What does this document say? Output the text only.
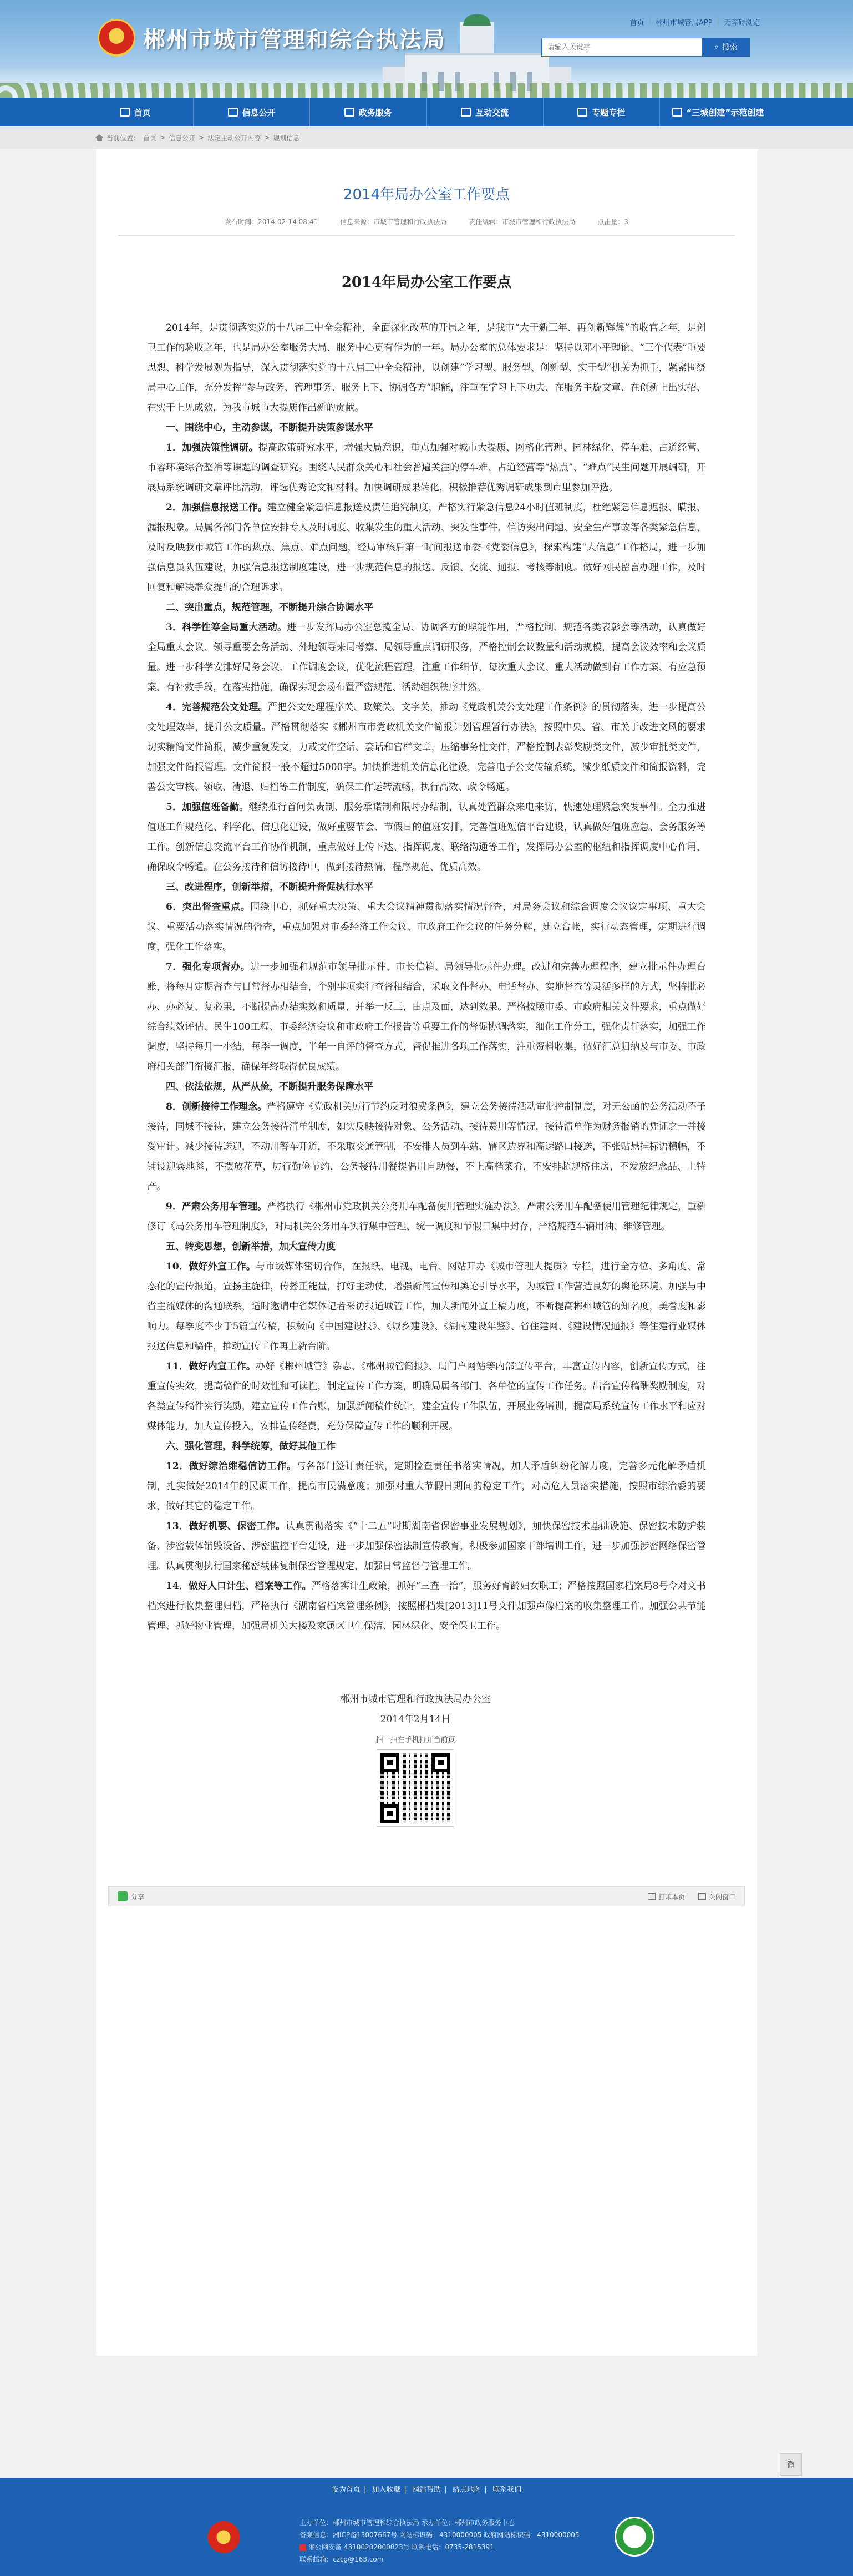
郴州市城市管理和综合执法局
首页 | 郴州市城管局APP | 无障碍浏览
请输入关键字
⌕ 搜索
首页	信息公开	政务服务	互动交流	专题专栏	“三城创建”示范创建
当前位置： 首页 > 信息公开 > 法定主动公开内容 > 规划信息
2014年局办公室工作要点
发布时间：2014-02-14 08:41	信息来源：市城市管理和行政执法局	责任编辑：市城市管理和行政执法局	点击量：3
2014年局办公室工作要点

2014年，是贯彻落实党的十八届三中全会精神，全面深化改革的开局之年，是我市“大干新三年、再创新辉煌”的收官之年，是创卫工作的验收之年，也是局办公室服务大局、服务中心更有作为的一年。局办公室的总体要求是：坚持以邓小平理论、“三个代表”重要思想、科学发展观为指导，深入贯彻落实党的十八届三中全会精神，以创建“学习型、服务型、创新型、实干型”机关为抓手，紧紧围绕局中心工作，充分发挥“参与政务、管理事务、服务上下、协调各方”职能，注重在学习上下功夫、在服务主旋文章、在创新上出实招、在实干上见成效，为我市城市大提质作出新的贡献。

一、围绕中心，主动参谋，不断提升决策参谋水平

1．加强决策性调研。提高政策研究水平，增强大局意识，重点加强对城市大提质、网格化管理、园林绿化、停车难、占道经营、市容环境综合整治等课题的调查研究。围绕人民群众关心和社会普遍关注的停车难、占道经营等“热点”、“难点”民生问题开展调研，开展局系统调研文章评比活动，评选优秀论文和材料。加快调研成果转化，积极推荐优秀调研成果到市里参加评选。

2．加强信息报送工作。建立健全紧急信息报送及责任追究制度，严格实行紧急信息24小时值班制度，杜绝紧急信息迟报、瞒报、漏报现象。局属各部门各单位安排专人及时调度、收集发生的重大活动、突发性事件、信访突出问题、安全生产事故等各类紧急信息，及时反映我市城管工作的热点、焦点、难点问题，经局审核后第一时间报送市委《党委信息》，探索构建“大信息”工作格局，进一步加强信息员队伍建设，加强信息报送制度建设，进一步规范信息的报送、反馈、交流、通报、考核等制度。做好网民留言办理工作，及时回复和解决群众提出的合理诉求。

二、突出重点，规范管理，不断提升综合协调水平

3．科学性筹全局重大活动。进一步发挥局办公室总揽全局、协调各方的职能作用，严格控制、规范各类表彰会等活动，认真做好全局重大会议、领导重要会务活动、外地领导来局考察、局领导重点调研服务，严格控制会议数量和活动规模，提高会议效率和会议质量。进一步科学安排好局务会议、工作调度会议，优化流程管理，注重工作细节，每次重大会议、重大活动做到有工作方案、有应急预案、有补救手段，在落实措施，确保实现会场布置严密规范、活动组织秩序井然。

4．完善规范公文处理。严把公文处理程序关、政策关、文字关，推动《党政机关公文处理工作条例》的贯彻落实，进一步提高公文处理效率，提升公文质量。严格贯彻落实《郴州市市党政机关文件简报计划管理暂行办法》，按照中央、省、市关于改进文风的要求切实精简文件简报，减少重复发文，力戒文件空话、套话和官样文章，压缩事务性文件，严格控制表彰奖励类文件，减少审批类文件，加强文件简报管理。文件简报一般不超过5000字。加快推进机关信息化建设，完善电子公文传输系统，减少纸质文件和简报资料，完善公文审核、领取、清退、归档等工作制度，确保工作运转流畅，执行高效、政令畅通。

5．加强值班备勤。继续推行首问负责制、服务承诺制和限时办结制，认真处置群众来电来访，快速处理紧急突发事件。全力推进值班工作规范化、科学化、信息化建设，做好重要节会、节假日的值班安排，完善值班短信平台建设，认真做好值班应急、会务服务等工作。创新信息交流平台工作协作机制，重点做好上传下达、指挥调度、联络沟通等工作，发挥局办公室的枢纽和指挥调度中心作用，确保政令畅通。在公务接待和信访接待中，做到接待热情、程序规范、优质高效。

三、改进程序，创新举措，不断提升督促执行水平

6．突出督查重点。围绕中心，抓好重大决策、重大会议精神贯彻落实情况督查，对局务会议和综合调度会议议定事项、重大会议、重要活动落实情况的督查，重点加强对市委经济工作会议、市政府工作会议的任务分解，建立台帐，实行动态管理，定期进行调度，强化工作落实。

7．强化专项督办。进一步加强和规范市领导批示件、市长信箱、局领导批示件办理。改进和完善办理程序，建立批示件办理台账，将每月定期督查与日常督办相结合，个别事项实行查督相结合，采取文件督办、电话督办、实地督查等灵活多样的方式，坚持批必办、办必复、复必果，不断提高办结实效和质量，并举一反三，由点及面，达到效果。严格按照市委、市政府相关文件要求，重点做好综合绩效评估、民生100工程、市委经济会议和市政府工作报告等重要工作的督促协调落实，细化工作分工，强化责任落实，加强工作调度，坚持每月一小结，每季一调度，半年一自评的督查方式，督促推进各项工作落实，注重资料收集，做好汇总归纳及与市委、市政府相关部门衔接汇报，确保年终取得优良成绩。

四、依法依规，从严从俭，不断提升服务保障水平

8．创新接待工作理念。严格遵守《党政机关厉行节约反对浪费条例》，建立公务接待活动审批控制制度，对无公函的公务活动不予接待，同城不接待，建立公务接待清单制度，如实反映接待对象、公务活动、接待费用等情况，接待清单作为财务报销的凭证之一并接受审计。减少接待送迎，不动用警车开道，不采取交通管制，不安排人员到车站、辖区边界和高速路口接送，不张贴悬挂标语横幅，不铺设迎宾地毯，不摆放花草，厉行勤俭节约，公务接待用餐提倡用自助餐，不上高档菜肴，不安排超规格住房，不发放纪念品、土特产。

9．严肃公务用车管理。严格执行《郴州市党政机关公务用车配备使用管理实施办法》，严肃公务用车配备使用管理纪律规定，重新修订《局公务用车管理制度》，对局机关公务用车实行集中管理、统一调度和节假日集中封存，严格规范车辆用油、维修管理。

五、转变思想，创新举措，加大宣传力度

10．做好外宣工作。与市级媒体密切合作，在报纸、电视、电台、网站开办《城市管理大提质》专栏，进行全方位、多角度、常态化的宣传报道，宣扬主旋律，传播正能量，打好主动仗，增强新闻宣传和舆论引导水平，为城管工作营造良好的舆论环境。加强与中省主流媒体的沟通联系，适时邀请中省媒体记者采访报道城管工作，加大新闻外宣上稿力度，不断提高郴州城管的知名度，美誉度和影响力。每季度不少于5篇宣传稿，积极向《中国建设报》、《城乡建设》、《湖南建设年鉴》、省住建网、《建设情况通报》等住建行业媒体报送信息和稿件，推动宣传工作再上新台阶。

11．做好内宣工作。办好《郴州城管》杂志、《郴州城管简报》、局门户网站等内部宣传平台，丰富宣传内容，创新宣传方式，注重宣传实效，提高稿件的时效性和可读性，制定宣传工作方案，明确局属各部门、各单位的宣传工作任务。出台宣传稿酬奖励制度，对各类宣传稿件实行奖励，建立宣传工作台账，加强新闻稿件统计，建全宣传工作队伍，开展业务培训，提高局系统宣传工作水平和应对媒体能力，加大宣传投入，安排宣传经费，充分保障宣传工作的顺利开展。

六、强化管理，科学统筹，做好其他工作

12．做好综治维稳信访工作。与各部门签订责任状，定期检查责任书落实情况，加大矛盾纠纷化解力度，完善多元化解矛盾机制，扎实做好2014年的民调工作，提高市民满意度；加强对重大节假日期间的稳定工作，对高危人员落实措施，按照市综治委的要求，做好其它的稳定工作。

13．做好机要、保密工作。认真贯彻落实《“十二五”时期湖南省保密事业发展规划》，加快保密技术基础设施、保密技术防护装备、涉密载体销毁设备、涉密监控平台建设，进一步加强保密法制宣传教育，积极参加国家干部培训工作，进一步加强涉密网络保密管理。认真贯彻执行国家秘密载体复制保密管理规定，加强日常监督与管理工作。

14．做好人口计生、档案等工作。严格落实计生政策，抓好“三查一治”，服务好育龄妇女职工；严格按照国家档案局8号令对文书档案进行收集整理归档，严格执行《湖南省档案管理条例》，按照郴档发[2013]11号文件加强声像档案的收集整理工作。加强公共节能管理、抓好物业管理，加强局机关大楼及家属区卫生保洁、园林绿化、安全保卫工作。

郴州市城市管理和行政执法局办公室
2014年2月14日
扫一扫在手机打开当前页
分享	打印本页	关闭窗口
微
设为首页 | 加入收藏 | 网站帮助 | 站点地图 | 联系我们
主办单位：郴州市城市管理和综合执法局 承办单位：郴州市政务服务中心
备案信息：湘ICP备13007667号 网站标识码：4310000005 政府网站标识码：4310000005
湘公网安备 43100202000023号 联系电话：0735-2815391
联系邮箱：czcg@163.com
